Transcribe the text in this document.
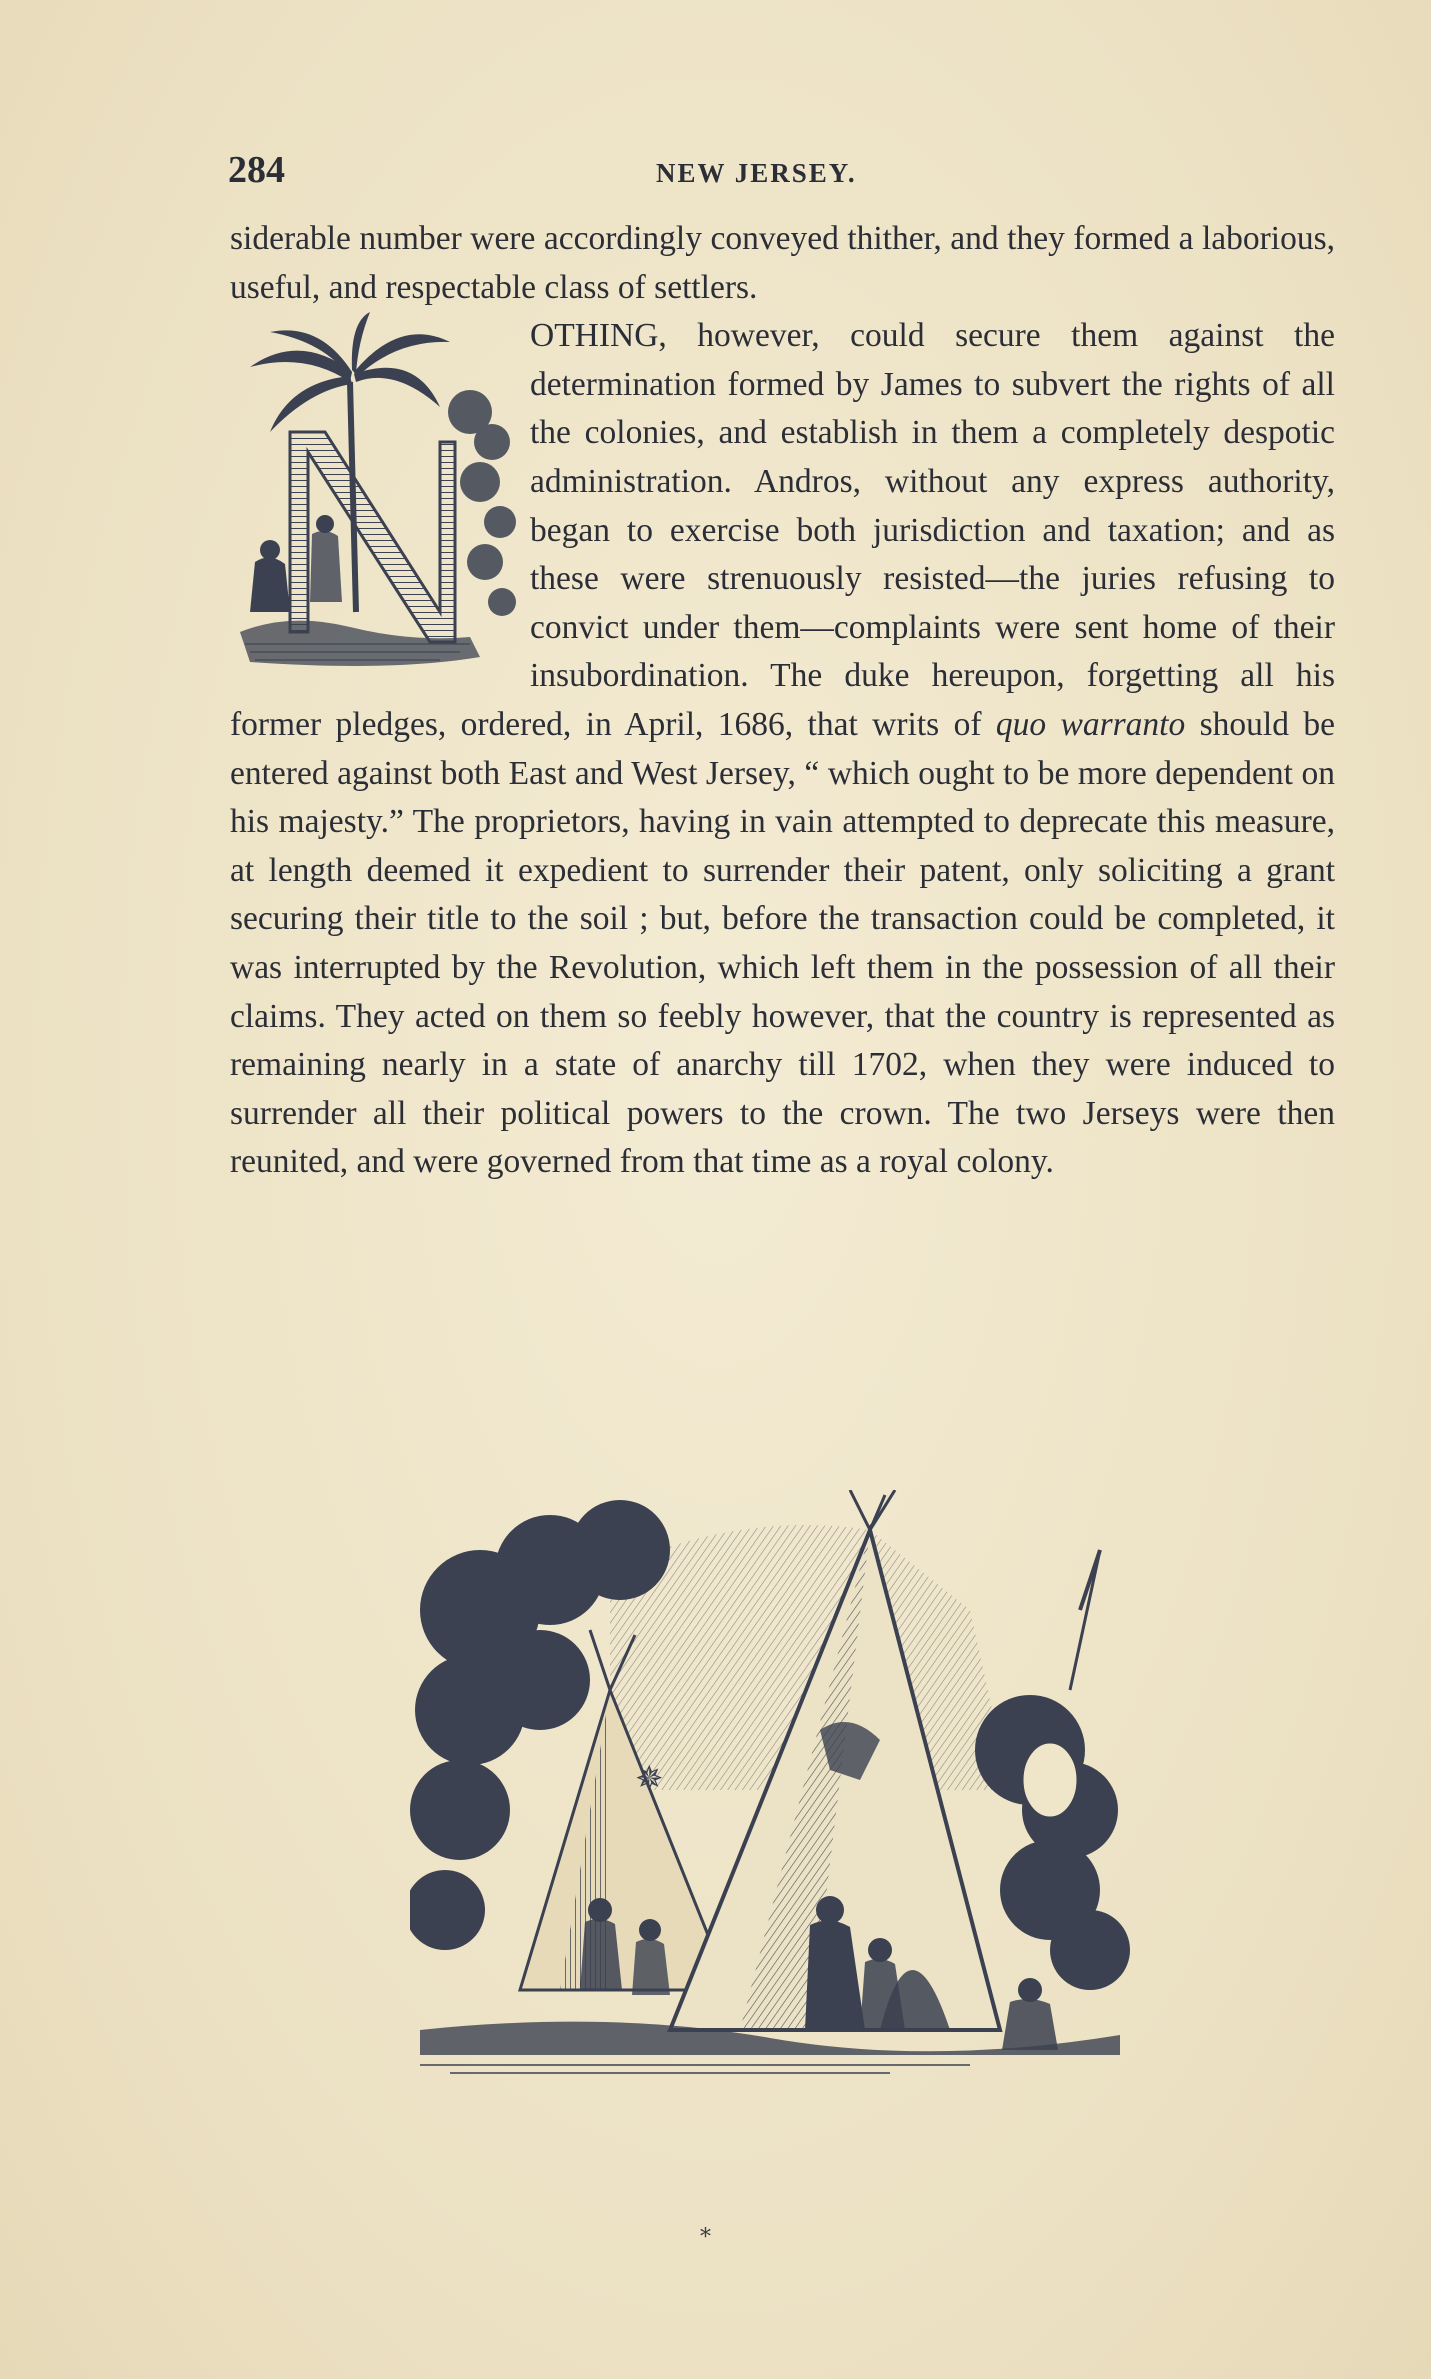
284	NEW JERSEY.

siderable number were accordingly conveyed thither, and they formed a laborious, useful, and respectable class of settlers.

OTHING, however, could secure them against the determination formed by James to subvert the rights of all the colonies, and establish in them a completely despotic administration. Andros, without any express authority, began to exercise both jurisdiction and taxation; and as these were strenuously resisted—the juries refusing to convict under them—complaints were sent home of their insubordination. The duke hereupon, forgetting all his former pledges, ordered, in April, 1686, that writs of quo warranto should be entered against both East and West Jersey, “ which ought to be more dependent on his majesty.” The proprietors, having in vain attempted to deprecate this measure, at length deemed it expedient to surrender their patent, only soliciting a grant securing their title to the soil ; but, before the transaction could be completed, it was interrupted by the Revolution, which left them in the possession of all their claims. They acted on them so feebly however, that the country is represented as remaining nearly in a state of anarchy till 1702, when they were induced to surrender all their political powers to the crown. The two Jerseys were then reunited, and were governed from that time as a royal colony.

✵
*
